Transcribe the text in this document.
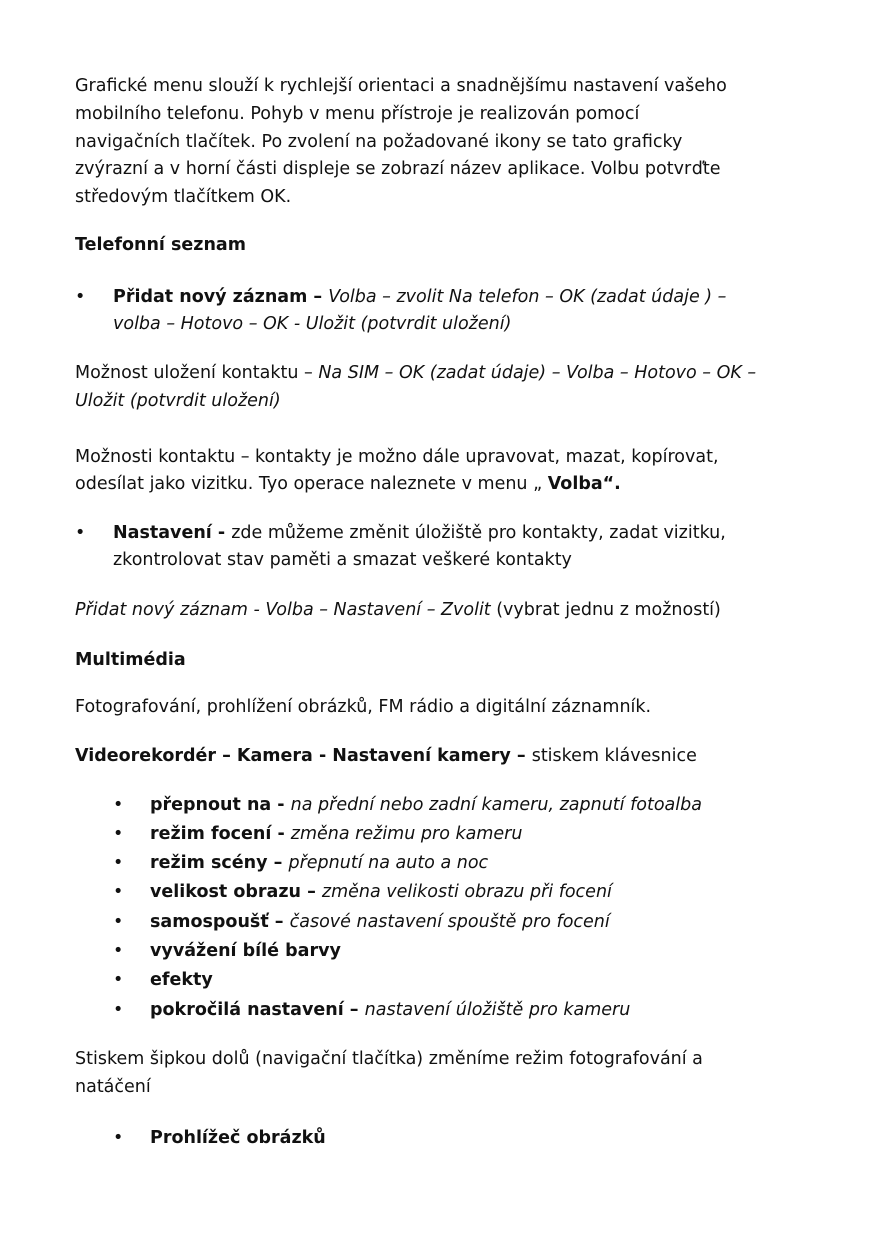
Grafické menu slouží k rychlejší orientaci a snadnějšímu nastavení vašeho

mobilního telefonu. Pohyb v menu přístroje je realizován pomocí

navigačních tlačítek. Po zvolení na požadované ikony se tato graficky

zvýrazní a v horní části displeje se zobrazí název aplikace. Volbu potvrďte

středovým tlačítkem OK.

Telefonní seznam

• Přidat nový záznam – Volba – zvolit Na telefon – OK (zadat údaje ) –
volba – Hotovo – OK - Uložit (potvrdit uložení)

Možnost uložení kontaktu – Na SIM – OK (zadat údaje) – Volba – Hotovo – OK –

Uložit (potvrdit uložení)

Možnosti kontaktu – kontakty je možno dále upravovat, mazat, kopírovat,

odesílat jako vizitku. Tyo operace naleznete v menu „ Volba“.

• Nastavení - zde můžeme změnit úložiště pro kontakty, zadat vizitku,
zkontrolovat stav paměti a smazat veškeré kontakty

Přidat nový záznam - Volba – Nastavení – Zvolit (vybrat jednu z možností)

Multimédia

Fotografování, prohlížení obrázků, FM rádio a digitální záznamník.

Videorekordér – Kamera - Nastavení kamery – stiskem klávesnice

• přepnout na - na přední nebo zadní kameru, zapnutí fotoalba
• režim focení - změna režimu pro kameru
• režim scény – přepnutí na auto a noc
• velikost obrazu – změna velikosti obrazu při focení
• samospoušť – časové nastavení spouště pro focení
• vyvážení bílé barvy
• efekty
• pokročilá nastavení – nastavení úložiště pro kameru

Stiskem šipkou dolů (navigační tlačítka) změníme režim fotografování a

natáčení

• Prohlížeč obrázků
